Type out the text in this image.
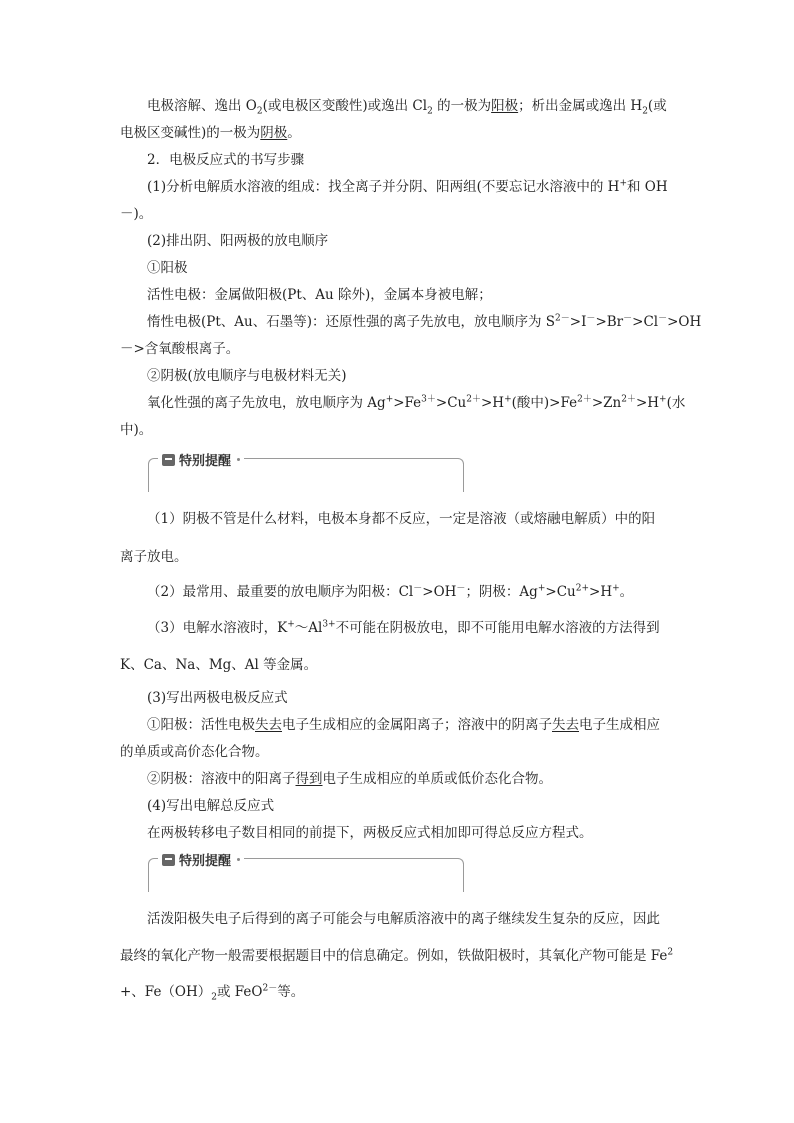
电极溶解、逸出 $O_2$(或电极区变酸性)或逸出 $Cl_2$ 的一极为阳极；析出金属或逸出 $H_2$(或
电极区变碱性)的一极为阴极。
2．电极反应式的书写步骤
(1)分析电解质水溶液的组成：找全离子并分阴、阳两组(不要忘记水溶液中的 H+和 OH
－)。
(2)排出阴、阳两极的放电顺序
①阳极
活性电极：金属做阳极(Pt、Au 除外)，金属本身被电解；
惰性电极(Pt、Au、石墨等)：还原性强的离子先放电，放电顺序为 $S^{2-}>I^->Br^->Cl^->OH$
－>含氧酸根离子。
②阴极(放电顺序与电极材料无关)
氧化性强的离子先放电，放电顺序为 $Ag^+>Fe^{3+}>Cu^{2+}>H^+$(酸中)$>Fe^{2+}>Zn^{2+}>H^+$(水
中)。
特别提醒
（1）阴极不管是什么材料，电极本身都不反应，一定是溶液（或熔融电解质）中的阳
离子放电。
（2）最常用、最重要的放电顺序为阳极：Cl－>OH－；阴极：$Ag^+>Cu^{2+}>H^+$。
（3）电解水溶液时，$K^+\sim Al^{3+}$不可能在阴极放电，即不可能用电解水溶液的方法得到
K、Ca、Na、Mg、Al 等金属。
(3)写出两极电极反应式
①阳极：活性电极失去电子生成相应的金属阳离子；溶液中的阴离子失去电子生成相应
的单质或高价态化合物。
②阴极：溶液中的阳离子得到电子生成相应的单质或低价态化合物。
(4)写出电解总反应式
在两极转移电子数目相同的前提下，两极反应式相加即可得总反应方程式。
特别提醒
活泼阳极失电子后得到的离子可能会与电解质溶液中的离子继续发生复杂的反应，因此
最终的氧化产物一般需要根据题目中的信息确定。例如，铁做阳极时，其氧化产物可能是 $Fe^2$
+、$Fe(OH)_2$或 FeO$^{2-}$等。
